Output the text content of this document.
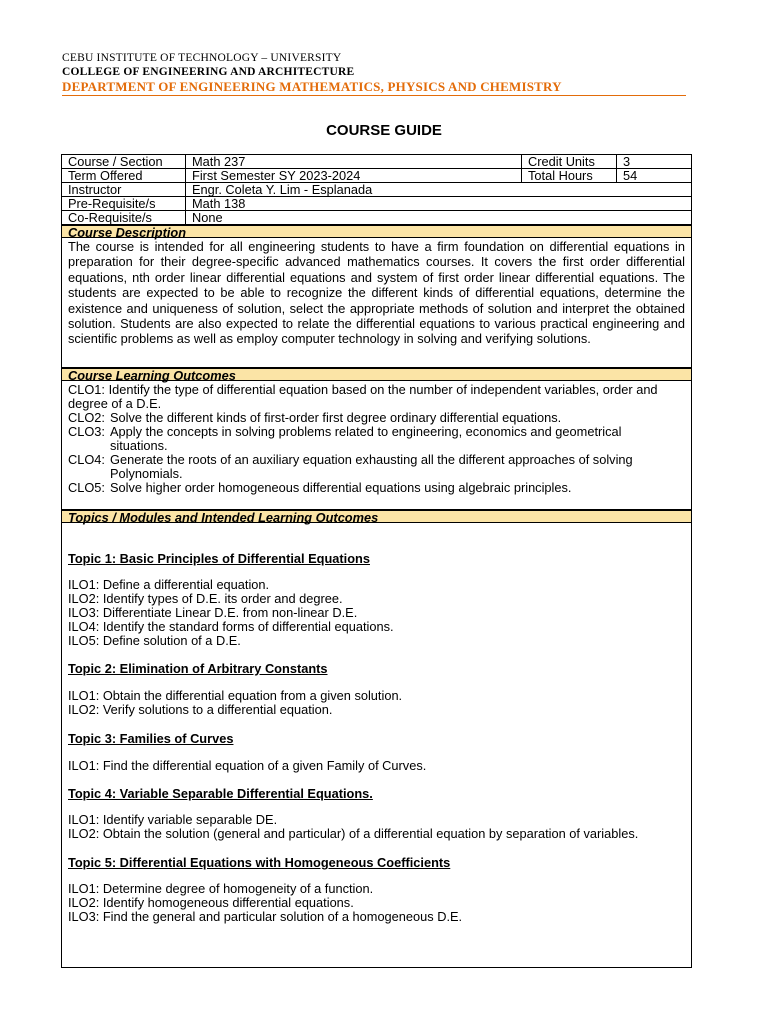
CEBU INSTITUTE OF TECHNOLOGY – UNIVERSITY
COLLEGE OF ENGINEERING AND ARCHITECTURE
DEPARTMENT OF ENGINEERING MATHEMATICS, PHYSICS AND CHEMISTRY
COURSE GUIDE
Course / Section	Math 237	Credit Units	3
Term Offered	First Semester SY 2023-2024	Total Hours	54
Instructor	Engr. Coleta Y. Lim - Esplanada		
Pre-Requisite/s	Math 138		
Co-Requisite/s	None		
Course Description
The course is intended for all engineering students to have a firm foundation on differential equations in preparation for their degree-specific advanced mathematics courses. It covers the first order differential equations, nth order linear differential equations and system of first order linear differential equations. The students are expected to be able to recognize the different kinds of differential equations, determine the existence and uniqueness of solution, select the appropriate methods of solution and interpret the obtained solution. Students are also expected to relate the differential equations to various practical engineering and scientific problems as well as employ computer technology in solving and verifying solutions.
Course Learning Outcomes
CLO1: Identify the type of differential equation based on the number of independent variables, order and degree of a D.E.
CLO2: Solve the different kinds of first-order first degree ordinary differential equations.
CLO3: Apply the concepts in solving problems related to engineering, economics and geometrical situations.
CLO4: Generate the roots of an auxiliary equation exhausting all the different approaches of solving Polynomials.
CLO5: Solve higher order homogeneous differential equations using algebraic principles.
Topics / Modules and Intended Learning Outcomes
Topic 1: Basic Principles of Differential Equations
ILO1: Define a differential equation.
ILO2: Identify types of D.E. its order and degree.
ILO3: Differentiate Linear D.E. from non-linear D.E.
ILO4: Identify the standard forms of differential equations.
ILO5: Define solution of a D.E.
Topic 2: Elimination of Arbitrary Constants
ILO1: Obtain the differential equation from a given solution.
ILO2: Verify solutions to a differential equation.
Topic 3: Families of Curves
ILO1: Find the differential equation of a given Family of Curves.
Topic 4: Variable Separable Differential Equations.
ILO1: Identify variable separable DE.
ILO2: Obtain the solution (general and particular) of a differential equation by separation of variables.
Topic 5: Differential Equations with Homogeneous Coefficients
ILO1: Determine degree of homogeneity of a function.
ILO2: Identify homogeneous differential equations.
ILO3: Find the general and particular solution of a homogeneous D.E.
